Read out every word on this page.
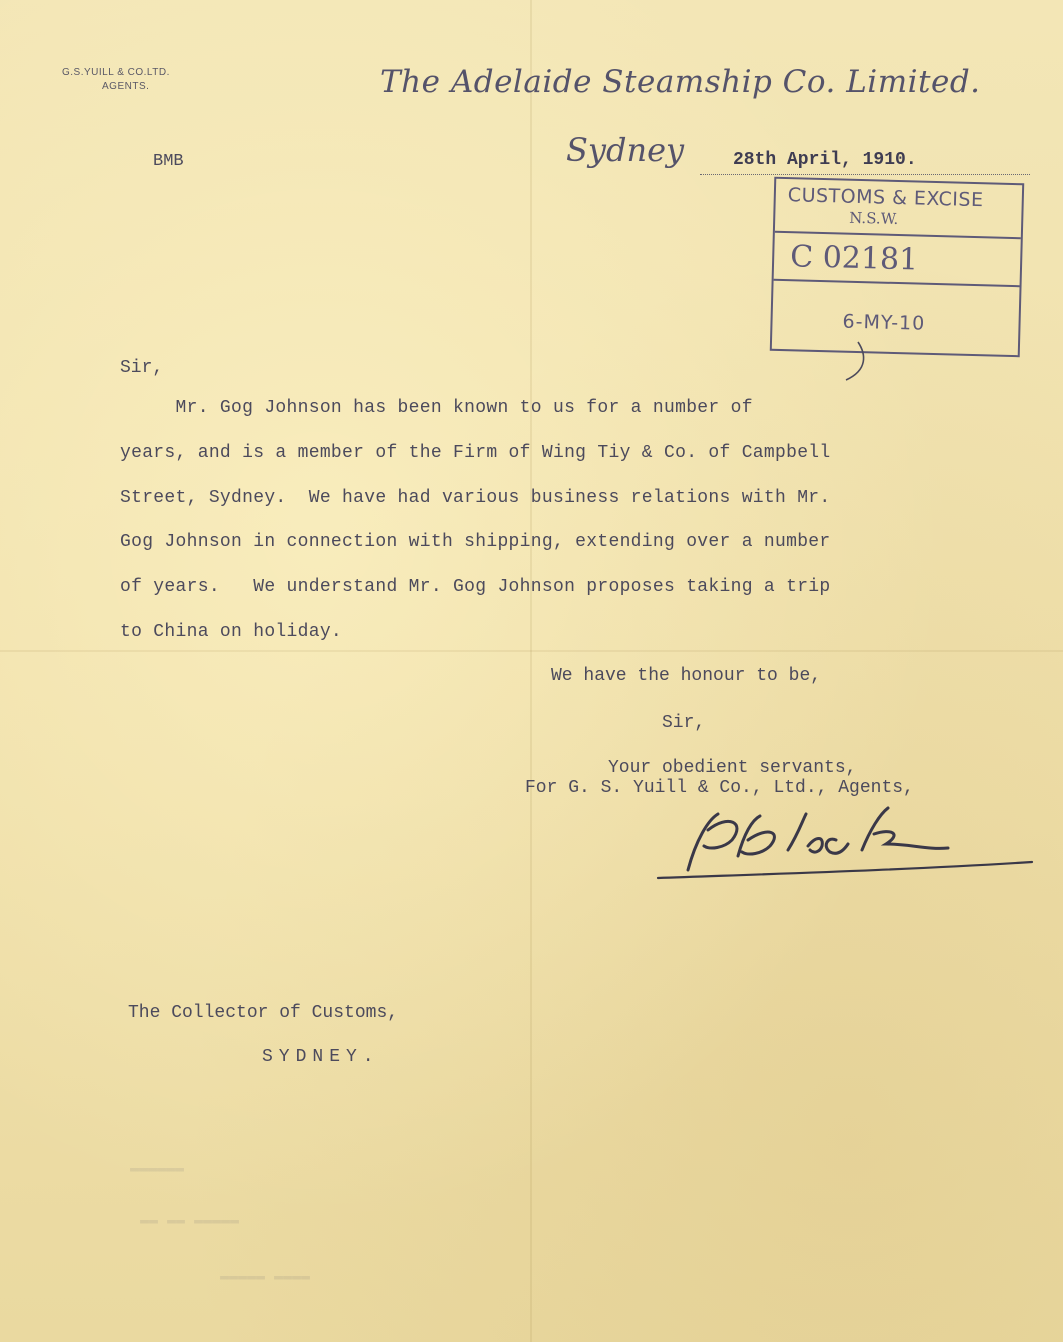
G.S.YUILL & CO.LTD.
AGENTS.	The Adelaide Steamship Co. Limited.
BMB	Sydney	28th April, 1910.
CUSTOMS & EXCISE
N.S.W.
C 02181
6-MY-10
Sir,
Mr. Gog Johnson has been known to us for a number of
years, and is a member of the Firm of Wing Tiy & Co. of Campbell
Street, Sydney.  We have had various business relations with Mr.
Gog Johnson in connection with shipping, extending over a number
of years.   We understand Mr. Gog Johnson proposes taking a trip
to China on holiday.
We have the honour to be,
Sir,
Your obedient servants,
For G. S. Yuill & Co., Ltd., Agents,
The Collector of Customs,
SYDNEY.
▬▬▬▬▬▬
▬▬ ▬▬ ▬▬▬▬▬
▬▬▬▬▬ ▬▬▬▬
